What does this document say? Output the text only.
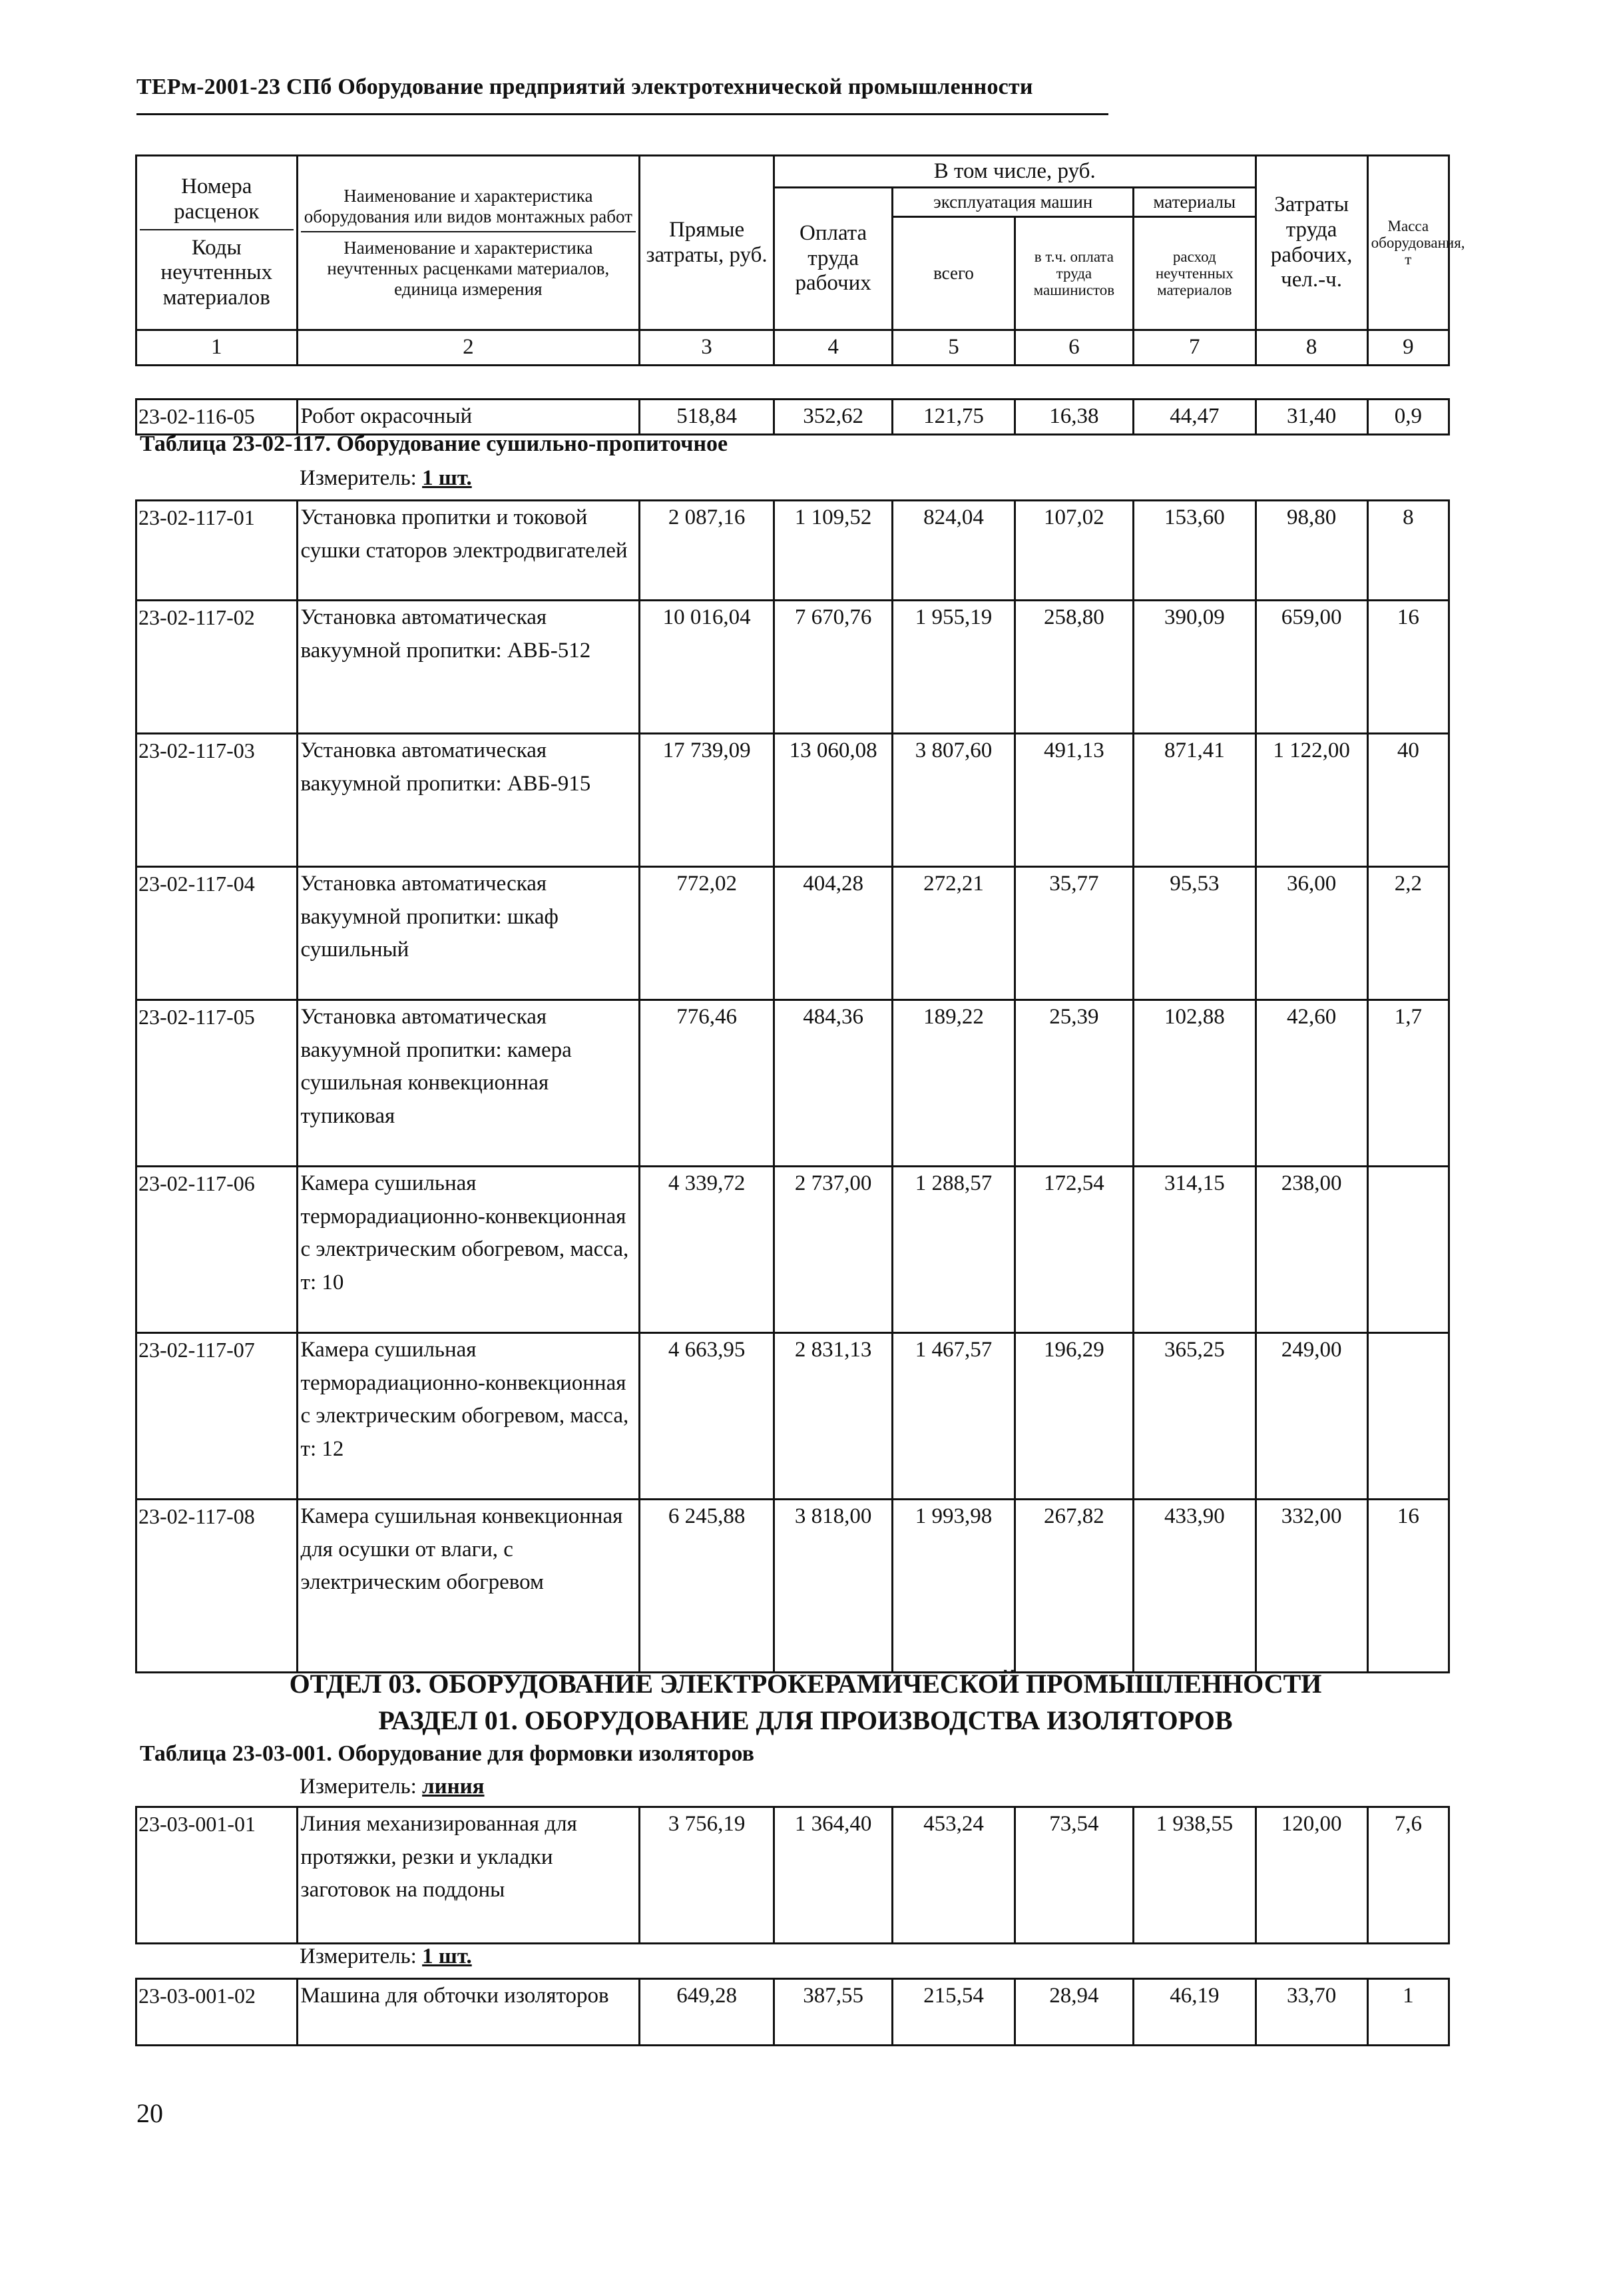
ТЕРм-2001-23 СПб Оборудование предприятий электротехнической промышленности
Номера расценок
Коды неучтенных материалов	Наименование и характеристика оборудования или видов монтажных работ
Наименование и характеристика неучтенных расценками материалов, единица измерения	Прямые затраты, руб.	В том числе, руб.				Затраты труда рабочих, чел.-ч.	Масса оборудования, т
			Оплата труда рабочих	эксплуатация машин		материалы		
				всего	в т.ч. оплата труда машинистов	расход неучтенных материалов		
1	2	3	4	5	6	7	8	9
23-02-116-05	Робот окрасочный	518,84	352,62	121,75	16,38	44,47	31,40	0,9
Таблица 23-02-117. Оборудование сушильно-пропиточное
Измеритель: 1 шт.
23-02-117-01	Установка пропитки и токовой сушки статоров электродвигателей	2 087,16	1 109,52	824,04	107,02	153,60	98,80	8
23-02-117-02	Установка автоматическая вакуумной пропитки: АВБ-512	10 016,04	7 670,76	1 955,19	258,80	390,09	659,00	16
23-02-117-03	Установка автоматическая вакуумной пропитки: АВБ-915	17 739,09	13 060,08	3 807,60	491,13	871,41	1 122,00	40
23-02-117-04	Установка автоматическая вакуумной пропитки: шкаф сушильный	772,02	404,28	272,21	35,77	95,53	36,00	2,2
23-02-117-05	Установка автоматическая вакуумной пропитки: камера сушильная конвекционная тупиковая	776,46	484,36	189,22	25,39	102,88	42,60	1,7
23-02-117-06	Камера сушильная терморадиационно-конвекционная с электрическим обогревом, масса, т: 10	4 339,72	2 737,00	1 288,57	172,54	314,15	238,00	
23-02-117-07	Камера сушильная терморадиационно-конвекционная с электрическим обогревом, масса, т: 12	4 663,95	2 831,13	1 467,57	196,29	365,25	249,00	
23-02-117-08	Камера сушильная конвекционная для осушки от влаги, с электрическим обогревом	6 245,88	3 818,00	1 993,98	267,82	433,90	332,00	16
ОТДЕЛ 03. ОБОРУДОВАНИЕ ЭЛЕКТРОКЕРАМИЧЕСКОЙ ПРОМЫШЛЕННОСТИ
РАЗДЕЛ 01. ОБОРУДОВАНИЕ ДЛЯ ПРОИЗВОДСТВА ИЗОЛЯТОРОВ
Таблица 23-03-001. Оборудование для формовки изоляторов
Измеритель: линия
23-03-001-01	Линия механизированная для протяжки, резки и укладки заготовок на поддоны	3 756,19	1 364,40	453,24	73,54	1 938,55	120,00	7,6
Измеритель: 1 шт.
23-03-001-02	Машина для обточки изоляторов	649,28	387,55	215,54	28,94	46,19	33,70	1
20
